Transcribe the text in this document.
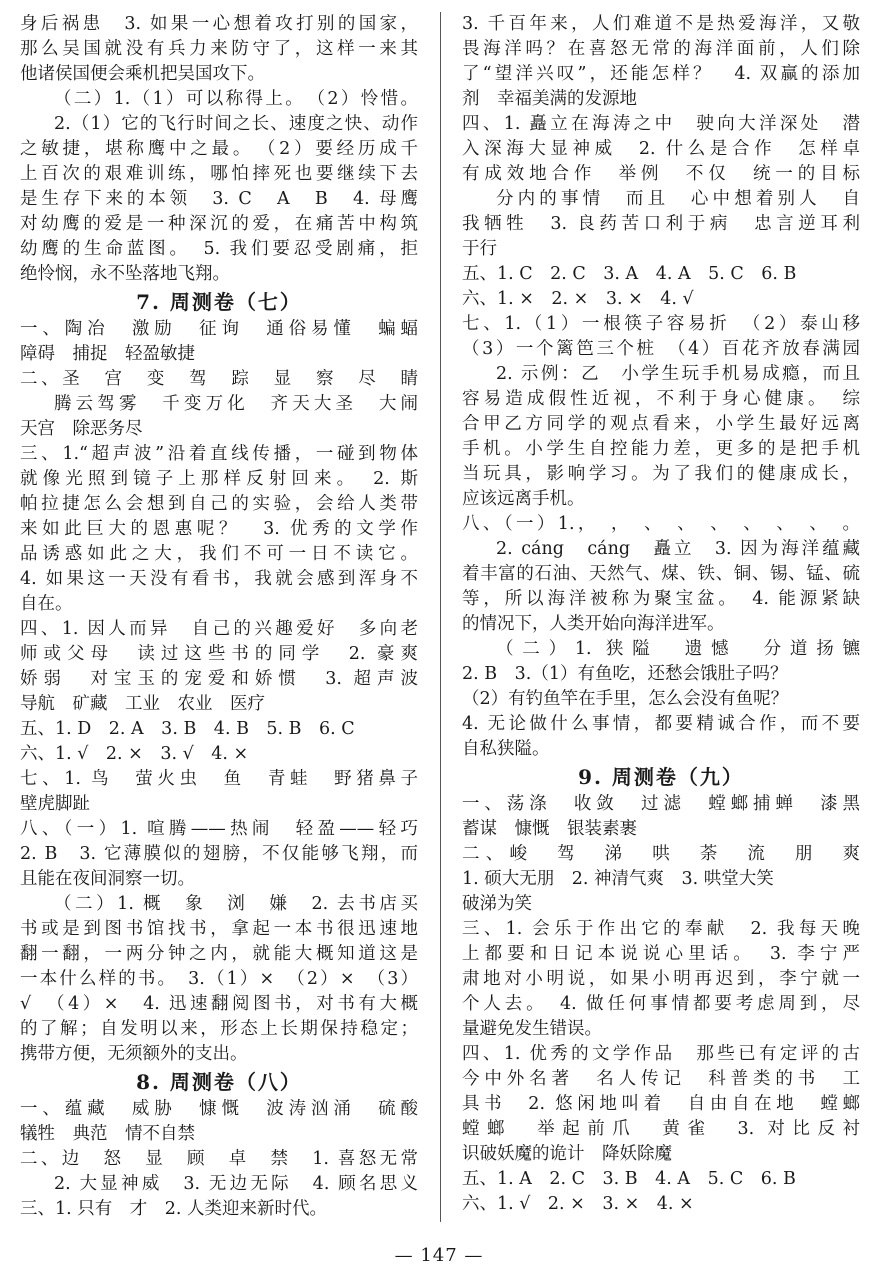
身后祸患　3. 如果一心想着攻打别的国家，
那么吴国就没有兵力来防守了，这样一来其
他诸侯国便会乘机把吴国攻下。
（二）1.（1）可以称得上。　（2）怜惜。
2.（1）它的飞行时间之长、速度之快、动作
之敏捷，堪称鹰中之最。　（2）要经历成千
上百次的艰难训练，哪怕摔死也要继续下去
是生存下来的本领　3. C　A　B　4. 母鹰
对幼鹰的爱是一种深沉的爱，在痛苦中构筑
幼鹰的生命蓝图。　5. 我们要忍受剧痛，拒
绝怜悯，永不坠落地飞翔。
7. 周测卷（七）
一、陶冶　激励　征询　通俗易懂　蝙蝠
障碍　捕捉　轻盈敏捷
二、圣　宫　变　驾　踪　显　察　尽　睛
腾云驾雾　千变万化　齐天大圣　大闹
天宫　除恶务尽
三、1.“超声波”沿着直线传播，一碰到物体
就像光照到镜子上那样反射回来。　2. 斯
帕拉捷怎么会想到自己的实验，会给人类带
来如此巨大的恩惠呢？　3. 优秀的文学作
品诱惑如此之大，我们不可一日不读它。
4. 如果这一天没有看书，我就会感到浑身不
自在。
四、1. 因人而异　自己的兴趣爱好　多向老
师或父母　读过这些书的同学　2. 豪爽
娇弱　对宝玉的宠爱和娇惯　3. 超声波
导航　矿藏　工业　农业　医疗
五、1. D　2. A　3. B　4. B　5. B　6. C
六、1. √　2. ×　3. √　4. ×
七、1. 鸟　萤火虫　鱼　青蛙　野猪鼻子
壁虎脚趾
八、（一）1. 喧腾——热闹　轻盈——轻巧
2. B　3. 它薄膜似的翅膀，不仅能够飞翔，而
且能在夜间洞察一切。
（二）1. 概　象　浏　嫌　2. 去书店买
书或是到图书馆找书，拿起一本书很迅速地
翻一翻，一两分钟之内，就能大概知道这是
一本什么样的书。　3.（1）×　（2）×　（3）
√　（4）×　4. 迅速翻阅图书，对书有大概
的了解；自发明以来，形态上长期保持稳定；
携带方便，无须额外的支出。
8. 周测卷（八）
一、蕴藏　威胁　慷慨　波涛汹涌　硫酸
犠牲　典范　情不自禁
二、边　怒　显　顾　卓　禁　1. 喜怒无常
2. 大显神威　3. 无边无际　4. 顾名思义
三、1. 只有　才　2. 人类迎来新时代。
3. 千百年来，人们难道不是热爱海洋，又敬
畏海洋吗？在喜怒无常的海洋面前，人们除
了“望洋兴叹”，还能怎样？　4. 双赢的添加
剂　幸福美满的发源地
四、1. 矗立在海涛之中　驶向大洋深处　潜
入深海大显神威　2. 什么是合作　怎样卓
有成效地合作　举例　不仅　统一的目标
分内的事情　而且　心中想着别人　自
我牺牲　3. 良药苦口利于病　忠言逆耳利
于行
五、1. C　2. C　3. A　4. A　5. C　6. B
六、1. ×　2. ×　3. ×　4. √
七、1.（1）一根筷子容易折　（2）泰山移
（3）一个篱笆三个桩　（4）百花齐放春满园
2. 示例：乙　小学生玩手机易成瘾，而且
容易造成假性近视，不利于身心健康。　综
合甲乙方同学的观点看来，小学生最好远离
手机。小学生自控能力差，更多的是把手机
当玩具，影响学习。为了我们的健康成长，
应该远离手机。
八、（一）1.，　，　、　、　、　、　、　、　。
2. cáng　cáng　矗立　3. 因为海洋蕴藏
着丰富的石油、天然气、煤、铁、铜、锡、锰、硫
等，所以海洋被称为聚宝盆。　4. 能源紧缺
的情况下，人类开始向海洋进军。
（二）1. 狭隘　遗憾　分道扬镳
2. B　3.（1）有鱼吃，还愁会饿肚子吗？
（2）有钓鱼竿在手里，怎么会没有鱼呢？
4. 无论做什么事情，都要精诚合作，而不要
自私狭隘。
9. 周测卷（九）
一、荡涤　收敛　过滤　螳螂捕蝉　漆黑
蓄谋　慷慨　银装素裹
二、峻　驾　涕　哄　荼　流　朋　爽
1. 硕大无朋　2. 神清气爽　3. 哄堂大笑
破涕为笑
三、1. 会乐于作出它的奉献　2. 我每天晚
上都要和日记本说说心里话。　3. 李宁严
肃地对小明说，如果小明再迟到，李宁就一
个人去。　4. 做任何事情都要考虑周到，尽
量避免发生错误。
四、1. 优秀的文学作品　那些已有定评的古
今中外名著　名人传记　科普类的书　工
具书　2. 悠闲地叫着　自由自在地　螳螂
螳螂　举起前爪　黄雀　3. 对比反衬
识破妖魔的诡计　降妖除魔
五、1. A　2. C　3. B　4. A　5. C　6. B
六、1. √　2. ×　3. ×　4. ×
— 147 —
